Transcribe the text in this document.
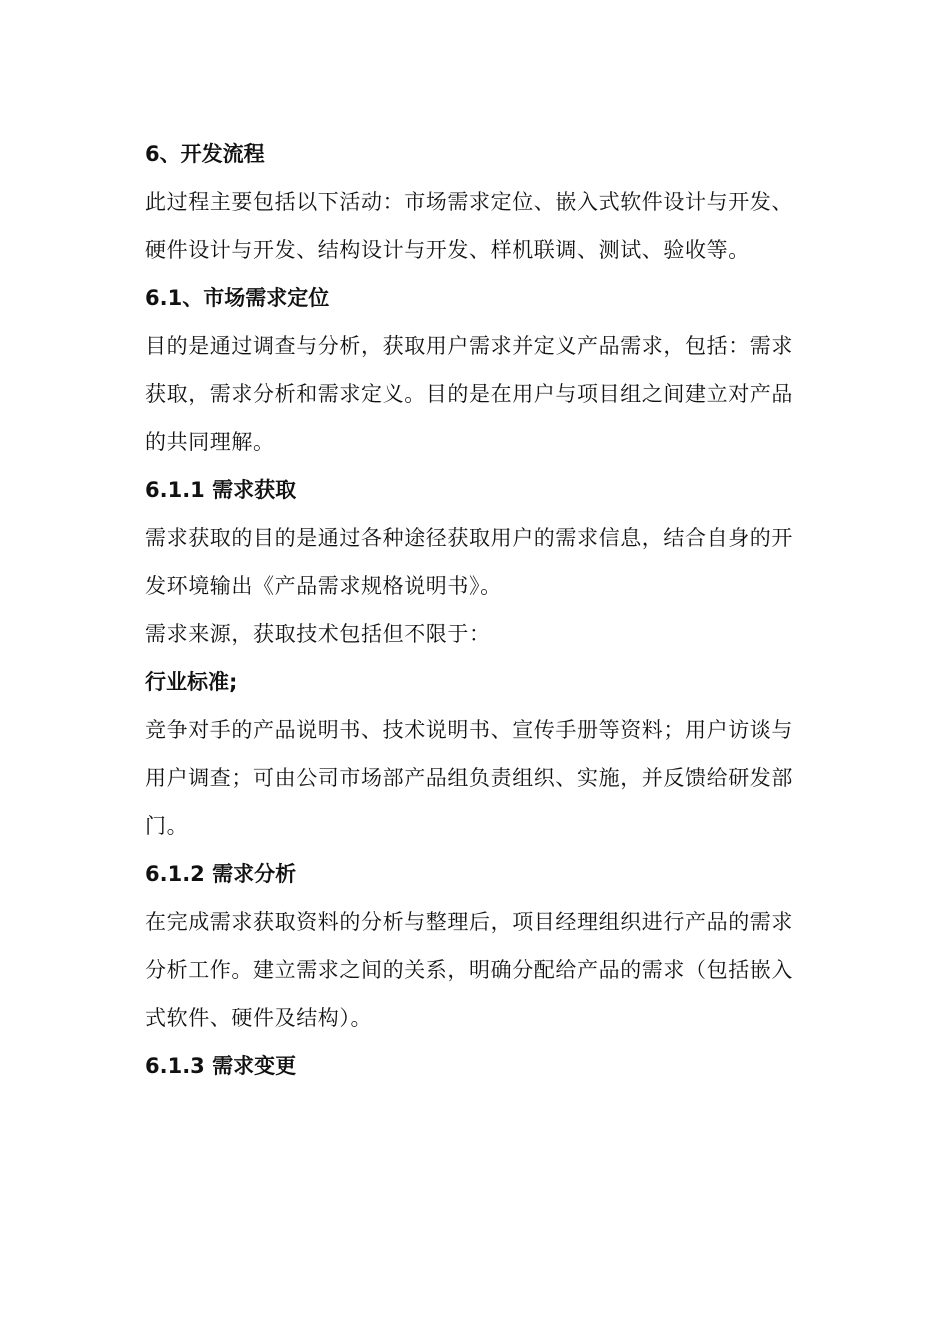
6、开发流程

此过程主要包括以下活动：市场需求定位、嵌入式软件设计与开发、硬件设计与开发、结构设计与开发、样机联调、测试、验收等。

6.1、市场需求定位

目的是通过调查与分析，获取用户需求并定义产品需求，包括：需求获取，需求分析和需求定义。目的是在用户与项目组之间建立对产品的共同理解。

6.1.1 需求获取

需求获取的目的是通过各种途径获取用户的需求信息，结合自身的开发环境输出《产品需求规格说明书》。

需求来源，获取技术包括但不限于：

行业标准;

竞争对手的产品说明书、技术说明书、宣传手册等资料；用户访谈与用户调查；可由公司市场部产品组负责组织、实施，并反馈给研发部门。

6.1.2 需求分析

在完成需求获取资料的分析与整理后，项目经理组织进行产品的需求分析工作。建立需求之间的关系，明确分配给产品的需求（包括嵌入式软件、硬件及结构）。

6.1.3 需求变更
